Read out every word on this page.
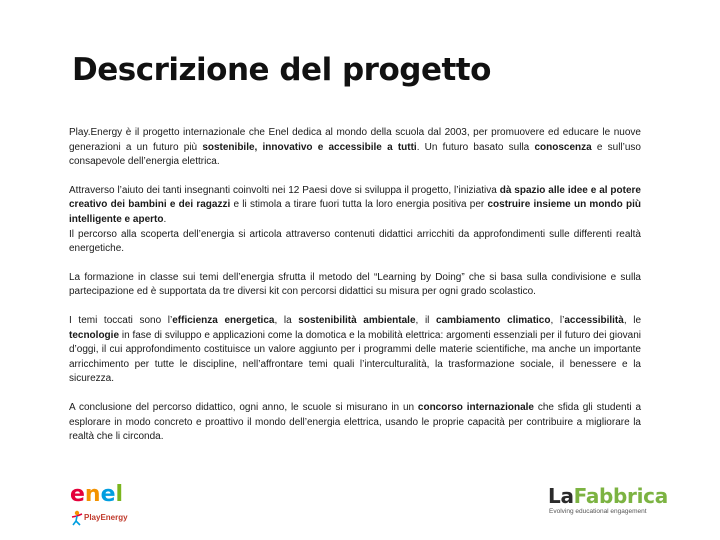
Descrizione del progetto

Play.Energy è il progetto internazionale che Enel dedica al mondo della scuola dal 2003, per promuovere ed educare le nuove generazioni a un futuro più sostenibile, innovativo e accessibile a tutti. Un futuro basato sulla conoscenza e sull’uso consapevole dell’energia elettrica.

Attraverso l’aiuto dei tanti insegnanti coinvolti nei 12 Paesi dove si sviluppa il progetto, l’iniziativa dà spazio alle idee e al potere creativo dei bambini e dei ragazzi e li stimola a tirare fuori tutta la loro energia positiva per costruire insieme un mondo più intelligente e aperto.

Il percorso alla scoperta dell’energia si articola attraverso contenuti didattici arricchiti da approfondimenti sulle differenti realtà energetiche.

La formazione in classe sui temi dell’energia sfrutta il metodo del “Learning by Doing” che si basa sulla condivisione e sulla partecipazione ed è supportata da tre diversi kit con percorsi didattici su misura per ogni grado scolastico.

I temi toccati sono l’efficienza energetica, la sostenibilità ambientale, il cambiamento climatico, l’accessibilità, le tecnologie in fase di sviluppo e applicazioni come la domotica e la mobilità elettrica: argomenti essenziali per il futuro dei giovani d’oggi, il cui approfondimento costituisce un valore aggiunto per i programmi delle materie scientifiche, ma anche un importante arricchimento per tutte le discipline, nell’affrontare temi quali l’interculturalità, la trasformazione sociale, il benessere e la sicurezza.

A conclusione del percorso didattico, ogni anno, le scuole si misurano in un concorso internazionale che sfida gli studenti a esplorare in modo concreto e proattivo il mondo dell’energia elettrica, usando le proprie capacità per contribuire a migliorare la realtà che li circonda.

enel
PlayEnergy
LaFabbrica
Evolving educational engagement
